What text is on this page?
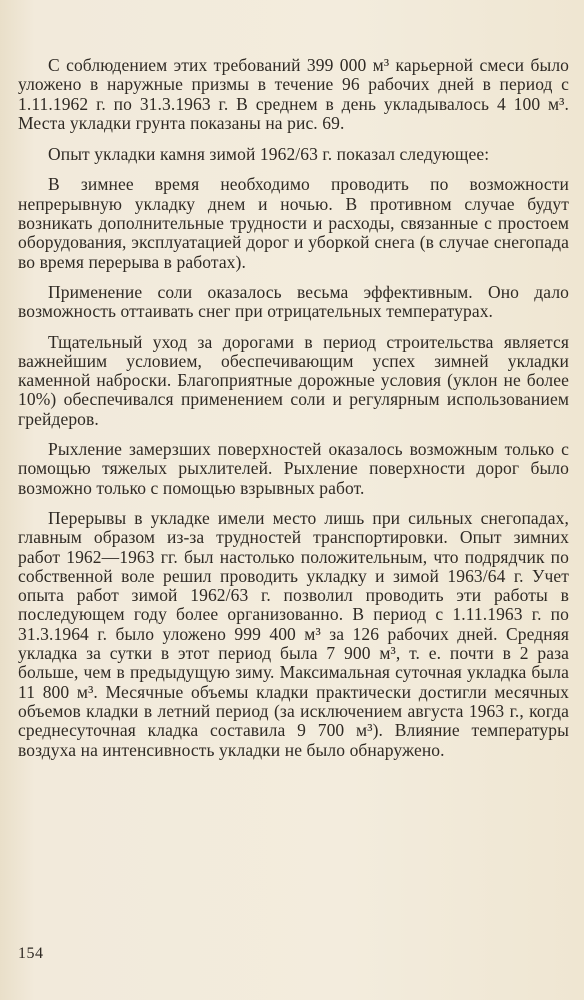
С соблюдением этих требований 399 000 м³ карьерной смеси было уложено в наружные призмы в течение 96 рабочих дней в период с 1.11.1962 г. по 31.3.1963 г. В среднем в день укладывалось 4 100 м³. Места укладки грунта показаны на рис. 69.

Опыт укладки камня зимой 1962/63 г. показал следующее:

В зимнее время необходимо проводить по возможности непрерывную укладку днем и ночью. В противном случае будут возникать дополнительные трудности и расходы, связанные с простоем оборудования, эксплуатацией дорог и уборкой снега (в случае снегопада во время перерыва в работах).

Применение соли оказалось весьма эффективным. Оно дало возможность оттаивать снег при отрицательных температурах.

Тщательный уход за дорогами в период строительства является важнейшим условием, обеспечивающим успех зимней укладки каменной наброски. Благоприятные дорожные условия (уклон не более 10%) обеспечивался применением соли и регулярным использованием грейдеров.

Рыхление замерзших поверхностей оказалось возможным только с помощью тяжелых рыхлителей. Рыхление поверхности дорог было возможно только с помощью взрывных работ.

Перерывы в укладке имели место лишь при сильных снегопадах, главным образом из-за трудностей транспортировки. Опыт зимних работ 1962—1963 гг. был настолько положительным, что подрядчик по собственной воле решил проводить укладку и зимой 1963/64 г. Учет опыта работ зимой 1962/63 г. позволил проводить эти работы в последующем году более организованно. В период с 1.11.1963 г. по 31.3.1964 г. было уложено 999 400 м³ за 126 рабочих дней. Средняя укладка за сутки в этот период была 7 900 м³, т. е. почти в 2 раза больше, чем в предыдущую зиму. Максимальная суточная укладка была 11 800 м³. Месячные объемы кладки практически достигли месячных объемов кладки в летний период (за исключением августа 1963 г., когда среднесуточная кладка составила 9 700 м³). Влияние температуры воздуха на интенсивность укладки не было обнаружено.

154
